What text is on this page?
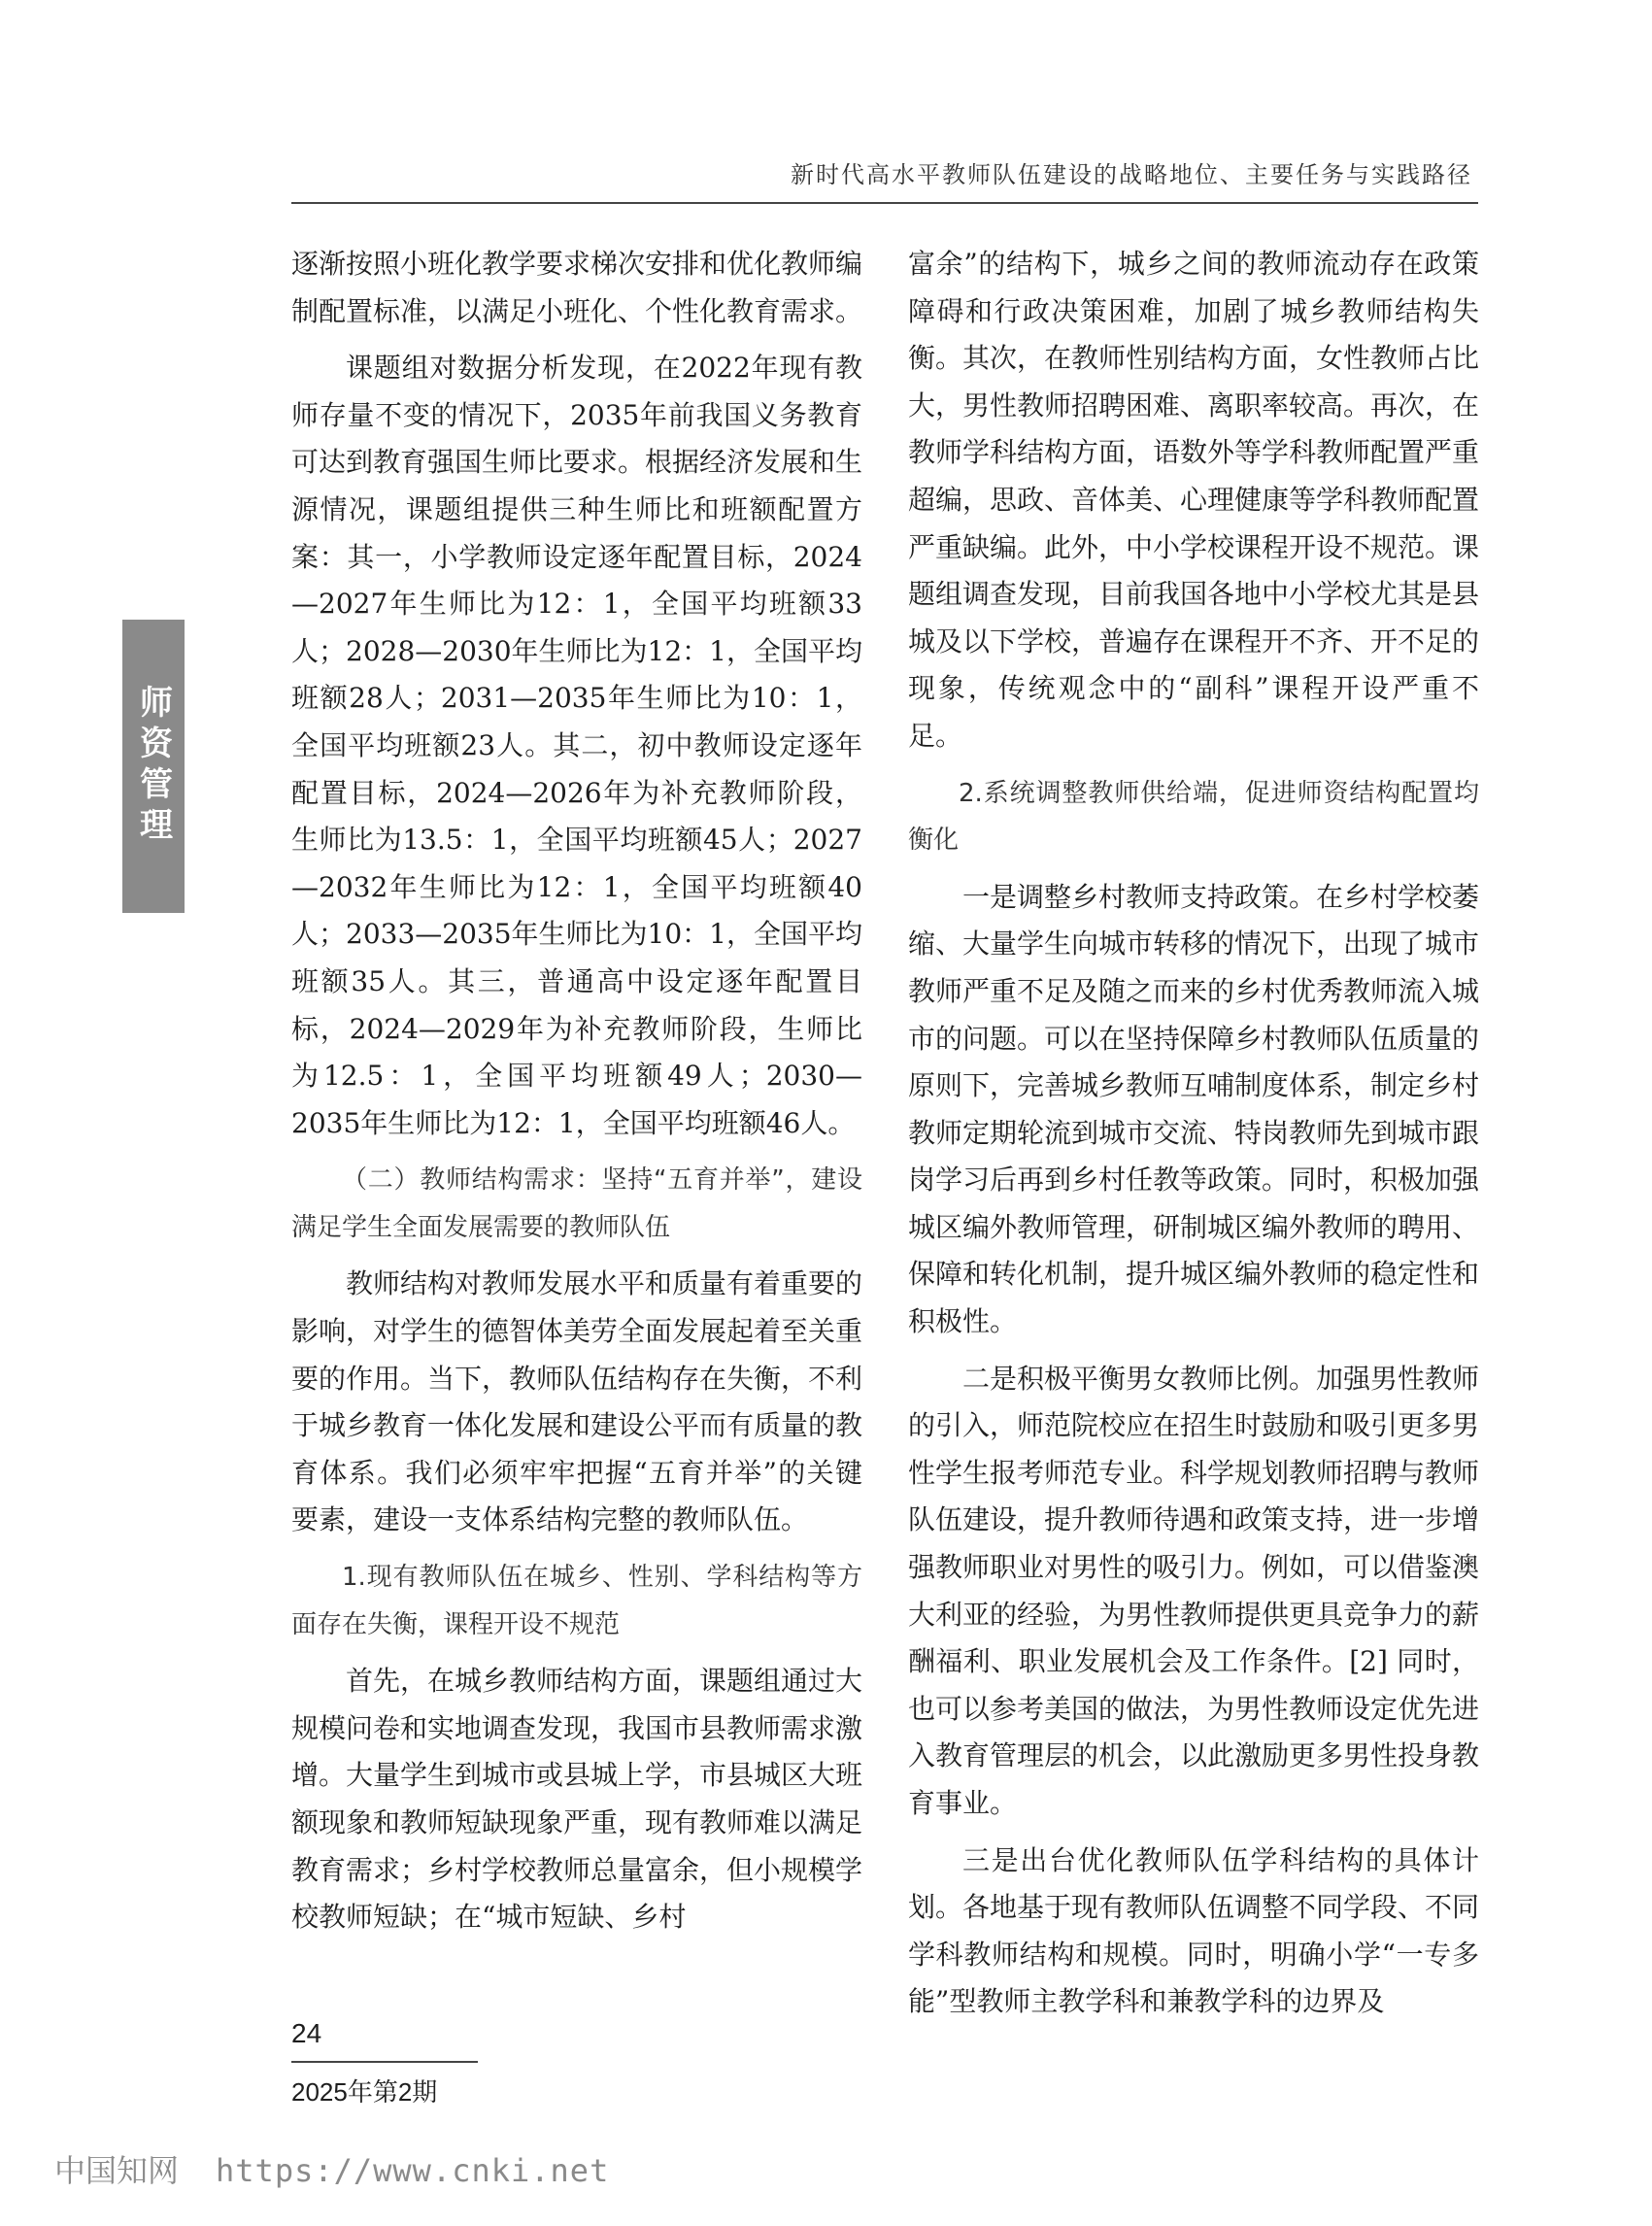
新时代高水平教师队伍建设的战略地位、主要任务与实践路径
师资管理

逐渐按照小班化教学要求梯次安排和优化教师编制配置标准，以满足小班化、个性化教育需求。

课题组对数据分析发现，在2022年现有教师存量不变的情况下，2035年前我国义务教育可达到教育强国生师比要求。根据经济发展和生源情况，课题组提供三种生师比和班额配置方案：其一，小学教师设定逐年配置目标，2024—2027年生师比为12：1，全国平均班额33人；2028—2030年生师比为12：1，全国平均班额28人；2031—2035年生师比为10：1，全国平均班额23人。其二，初中教师设定逐年配置目标，2024—2026年为补充教师阶段，生师比为13.5：1，全国平均班额45人；2027—2032年生师比为12：1，全国平均班额40人；2033—2035年生师比为10：1，全国平均班额35人。其三，普通高中设定逐年配置目标，2024—2029年为补充教师阶段，生师比为12.5：1，全国平均班额49人；2030—2035年生师比为12：1，全国平均班额46人。

（二）教师结构需求：坚持“五育并举”，建设满足学生全面发展需要的教师队伍

教师结构对教师发展水平和质量有着重要的影响，对学生的德智体美劳全面发展起着至关重要的作用。当下，教师队伍结构存在失衡，不利于城乡教育一体化发展和建设公平而有质量的教育体系。我们必须牢牢把握“五育并举”的关键要素，建设一支体系结构完整的教师队伍。

1.现有教师队伍在城乡、性别、学科结构等方面存在失衡，课程开设不规范

首先，在城乡教师结构方面，课题组通过大规模问卷和实地调查发现，我国市县教师需求激增。大量学生到城市或县城上学，市县城区大班额现象和教师短缺现象严重，现有教师难以满足教育需求；乡村学校教师总量富余，但小规模学校教师短缺；在“城市短缺、乡村

富余”的结构下，城乡之间的教师流动存在政策障碍和行政决策困难，加剧了城乡教师结构失衡。其次，在教师性别结构方面，女性教师占比大，男性教师招聘困难、离职率较高。再次，在教师学科结构方面，语数外等学科教师配置严重超编，思政、音体美、心理健康等学科教师配置严重缺编。此外，中小学校课程开设不规范。课题组调查发现，目前我国各地中小学校尤其是县城及以下学校，普遍存在课程开不齐、开不足的现象，传统观念中的“副科”课程开设严重不足。

2.系统调整教师供给端，促进师资结构配置均衡化

一是调整乡村教师支持政策。在乡村学校萎缩、大量学生向城市转移的情况下，出现了城市教师严重不足及随之而来的乡村优秀教师流入城市的问题。可以在坚持保障乡村教师队伍质量的原则下，完善城乡教师互哺制度体系，制定乡村教师定期轮流到城市交流、特岗教师先到城市跟岗学习后再到乡村任教等政策。同时，积极加强城区编外教师管理，研制城区编外教师的聘用、保障和转化机制，提升城区编外教师的稳定性和积极性。

二是积极平衡男女教师比例。加强男性教师的引入，师范院校应在招生时鼓励和吸引更多男性学生报考师范专业。科学规划教师招聘与教师队伍建设，提升教师待遇和政策支持，进一步增强教师职业对男性的吸引力。例如，可以借鉴澳大利亚的经验，为男性教师提供更具竞争力的薪酬福利、职业发展机会及工作条件。[2] 同时，也可以参考美国的做法，为男性教师设定优先进入教育管理层的机会，以此激励更多男性投身教育事业。

三是出台优化教师队伍学科结构的具体计划。各地基于现有教师队伍调整不同学段、不同学科教师结构和规模。同时，明确小学“一专多能”型教师主教学科和兼教学科的边界及

24
2025年第2期
中国知网 https://www.cnki.net
